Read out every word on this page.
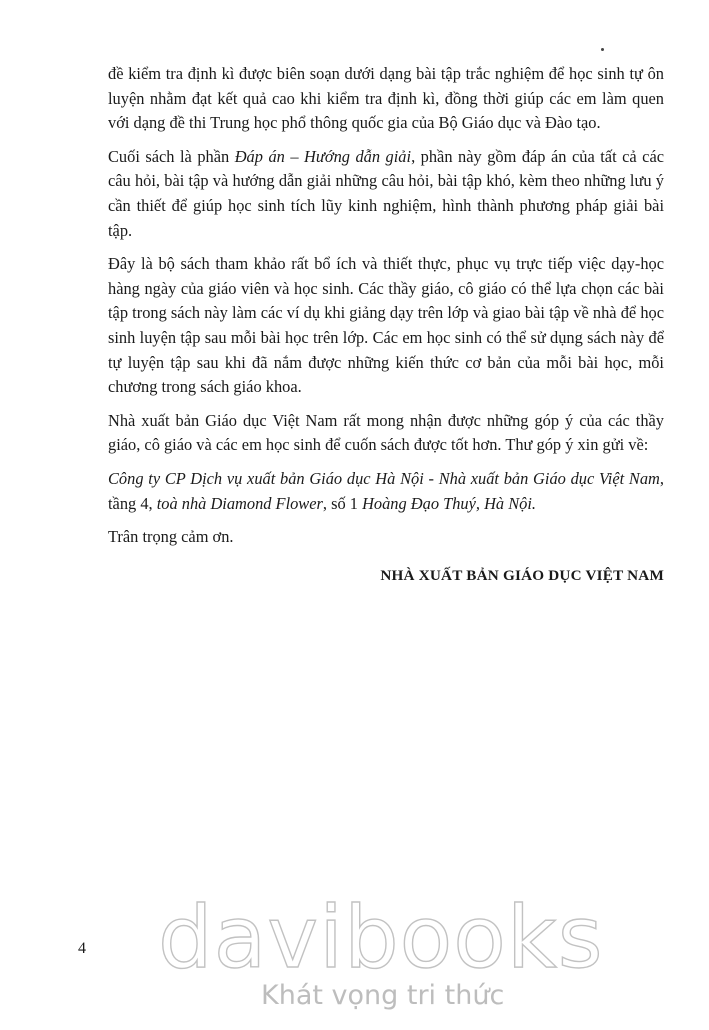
đề kiểm tra định kì được biên soạn dưới dạng bài tập trắc nghiệm để học sinh tự ôn luyện nhằm đạt kết quả cao khi kiểm tra định kì, đồng thời giúp các em làm quen với dạng đề thi Trung học phổ thông quốc gia của Bộ Giáo dục và Đào tạo.

Cuối sách là phần Đáp án – Hướng dẫn giải, phần này gồm đáp án của tất cả các câu hỏi, bài tập và hướng dẫn giải những câu hỏi, bài tập khó, kèm theo những lưu ý cần thiết để giúp học sinh tích lũy kinh nghiệm, hình thành phương pháp giải bài tập.

Đây là bộ sách tham khảo rất bổ ích và thiết thực, phục vụ trực tiếp việc dạy-học hàng ngày của giáo viên và học sinh. Các thầy giáo, cô giáo có thể lựa chọn các bài tập trong sách này làm các ví dụ khi giảng dạy trên lớp và giao bài tập về nhà để học sinh luyện tập sau mỗi bài học trên lớp. Các em học sinh có thể sử dụng sách này để tự luyện tập sau khi đã nắm được những kiến thức cơ bản của mỗi bài học, mỗi chương trong sách giáo khoa.

Nhà xuất bản Giáo dục Việt Nam rất mong nhận được những góp ý của các thầy giáo, cô giáo và các em học sinh để cuốn sách được tốt hơn. Thư góp ý xin gửi về:

Công ty CP Dịch vụ xuất bản Giáo dục Hà Nội - Nhà xuất bản Giáo dục Việt Nam, tầng 4, toà nhà Diamond Flower, số 1 Hoàng Đạo Thuý, Hà Nội.

Trân trọng cảm ơn.

NHÀ XUẤT BẢN GIÁO DỤC VIỆT NAM
4 davibooks
Khát vọng tri thức
